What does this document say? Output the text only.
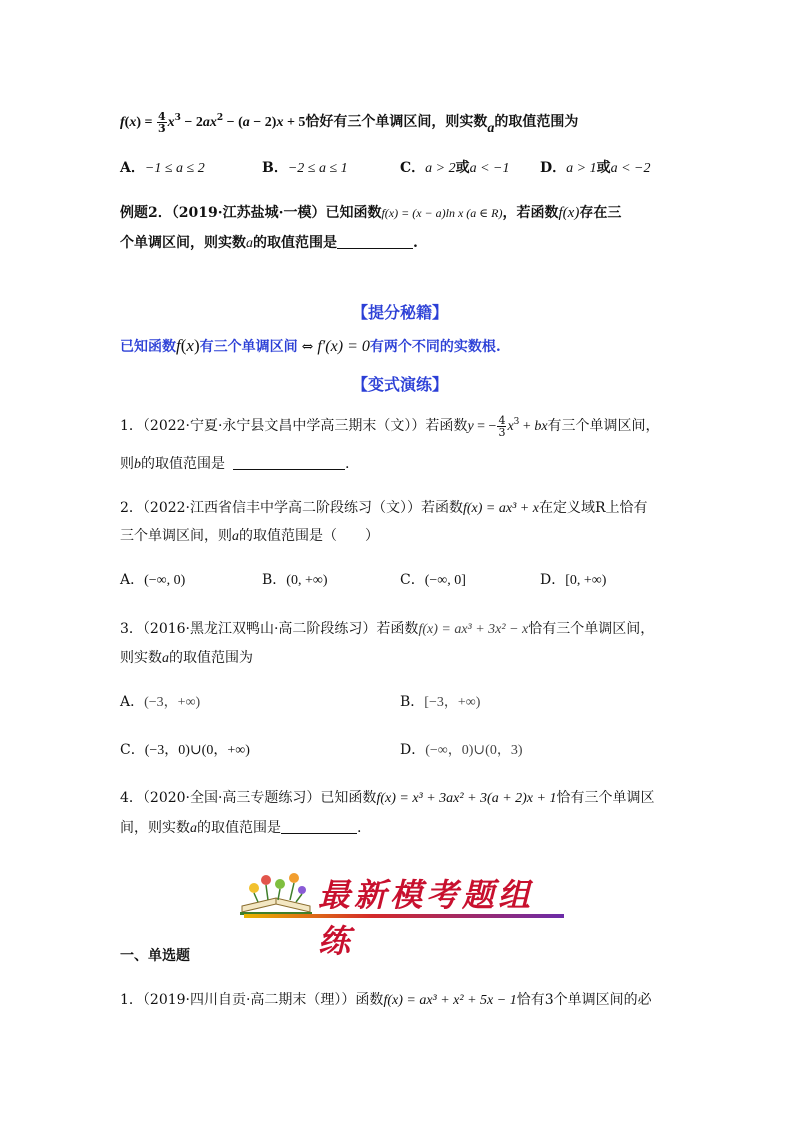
$f(x) = \frac{4}{3} x^3 - 2ax^2 - (a - 2)x + 5$恰好有三个单调区间，则实数a的取值范围为
A．−1 ≤ a ≤ 2	B．−2 ≤ a ≤ 1	C．a > 2或a < −1 D．a > 1或a < −2
例题2．（2019·江苏盐城·一模）已知函数f(x) = (x − a)ln x (a ∈ R)，若函数f(x)存在三
个单调区间，则实数a的取值范围是	.
【提分秘籍】
已知函数f(x)有三个单调区间 ⇔ f′(x) = 0有两个不同的实数根.
【变式演练】
1．（2022·宁夏·永宁县文昌中学高三期末（文））若函数y = − $\frac{4}{3} x^3$ + bx有三个单调区间，
则b的取值范围是	.
2．（2022·江西省信丰中学高二阶段练习（文））若函数f(x) = ax³ + x在定义域R上恰有
三个单调区间，则a的取值范围是（　　）
A．(−∞, 0)	B．(0, +∞)	C．(−∞, 0]	D．[0, +∞)
3．（2016·黑龙江双鸭山·高二阶段练习）若函数f(x) = ax³ + 3x² − x恰有三个单调区间，
则实数a的取值范围为
A．(−3，+∞)	B．[−3，+∞)
C．(−3，0)∪(0，+∞)	D．(−∞，0)∪(0，3)
4．（2020·全国·高三专题练习）已知函数f(x) = x³ + 3ax² + 3(a + 2)x + 1恰有三个单调区
间，则实数a的取值范围是	.
最新模考题组练
一、单选题
1．（2019·四川自贡·高二期末（理））函数f(x) = ax³ + x² + 5x − 1恰有3个单调区间的必
